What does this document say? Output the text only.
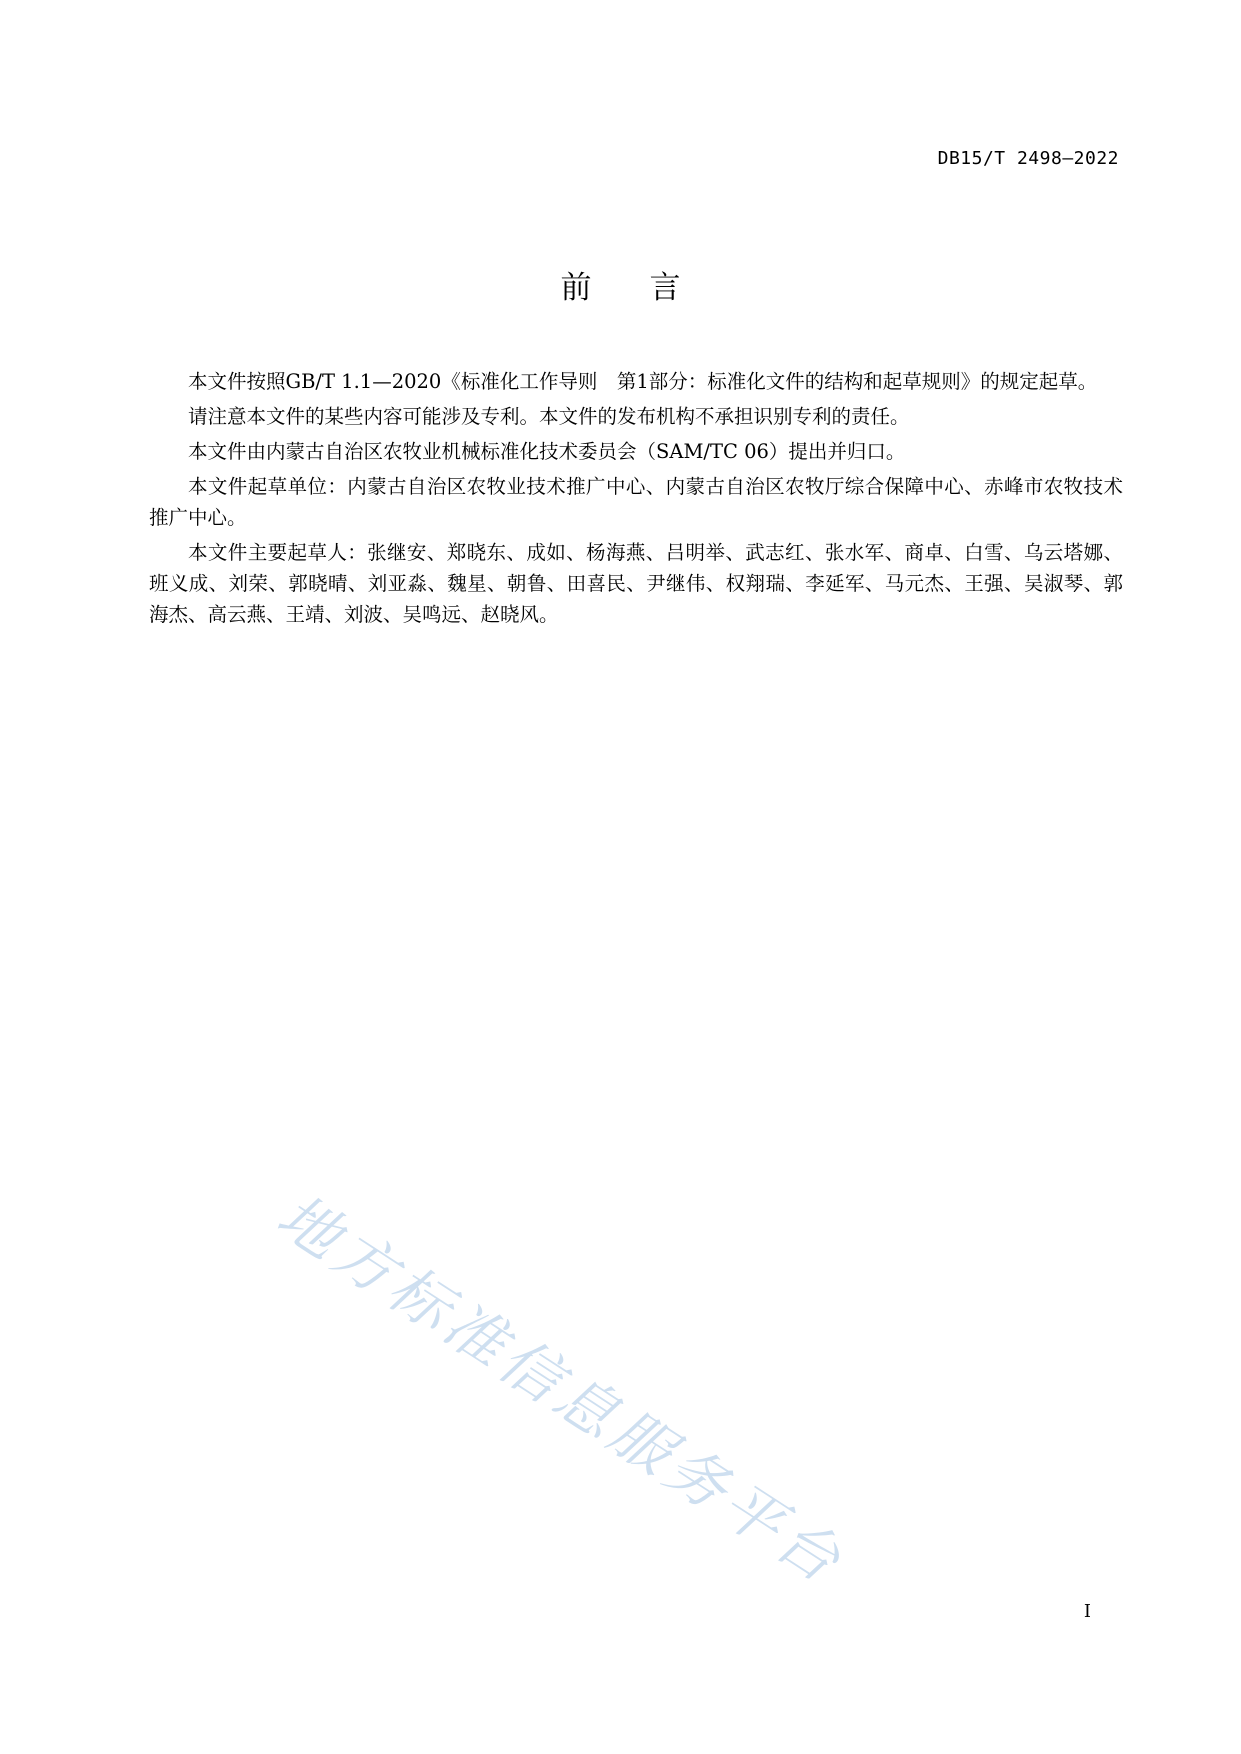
DB15/T 2498—2022
前言

本文件按照GB/T 1.1—2020《标准化工作导则　第1部分：标准化文件的结构和起草规则》的规定起草。

请注意本文件的某些内容可能涉及专利。本文件的发布机构不承担识别专利的责任。

本文件由内蒙古自治区农牧业机械标准化技术委员会（SAM/TC 06）提出并归口。

本文件起草单位：内蒙古自治区农牧业技术推广中心、内蒙古自治区农牧厅综合保障中心、赤峰市农牧技术推广中心。

本文件主要起草人：张继安、郑晓东、成如、杨海燕、吕明举、武志红、张水军、商卓、白雪、乌云塔娜、班义成、刘荣、郭晓晴、刘亚淼、魏星、朝鲁、田喜民、尹继伟、权翔瑞、李延军、马元杰、王强、吴淑琴、郭海杰、高云燕、王靖、刘波、吴鸣远、赵晓风。

地方标准信息服务平台
I
